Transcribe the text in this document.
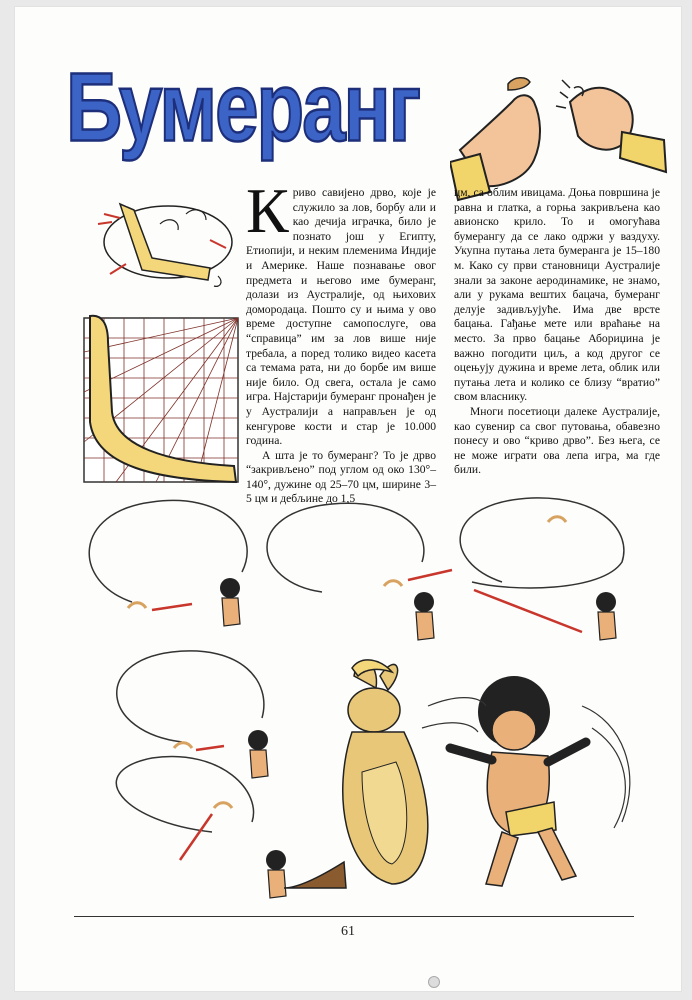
Бумеранг

Криво савијено дрво, које је служило за лов, борбу али и као дечија играчка, било је познато још у Египту, Етиопији, и неким племенима Индије и Америке. Наше познавање овог предмета и његово име бумеранг, долази из Аустралије, од њихових домородаца. Пошто су и њима у ово време доступне самопослуге, ова “справица” им за лов више није требала, а поред толико видео касета са темама рата, ни до борбе им више није било. Од свега, остала је само игра. Најстарији бумеранг пронађен је у Аустралији а направљен је од кенгурове кости и стар је 10.000 година.

А шта је то бумеранг? То је дрво “закривљено” под углом од око 130°–140°, дужине од 25–70 цм, ширине 3–5 цм и дебљине до 1,5

цм, са облим ивицама. Доња површина је равна и глатка, а горња закривљена као авионско крило. То и омогућава бумерангу да се лако одржи у ваздуху. Укупна путања лета бумеранга је 15–180 м. Како су први становници Аустралије знали за законе аеродинамике, не знамо, али у рукама вештих бацача, бумеранг делује задивљујуће. Има две врсте бацања. Гађање мете или враћање на место. За прво бацање Абориџина је важно погодити циљ, а код другог се оцењују дужина и време лета, облик или путања лета и колико се близу “вратио” свом власнику.

Многи посетиоци далеке Аустралије, као сувенир са свог путовања, обавезно понесу и ово “криво дрво”. Без њега, се не може играти ова лепа игра, ма где били.

61
